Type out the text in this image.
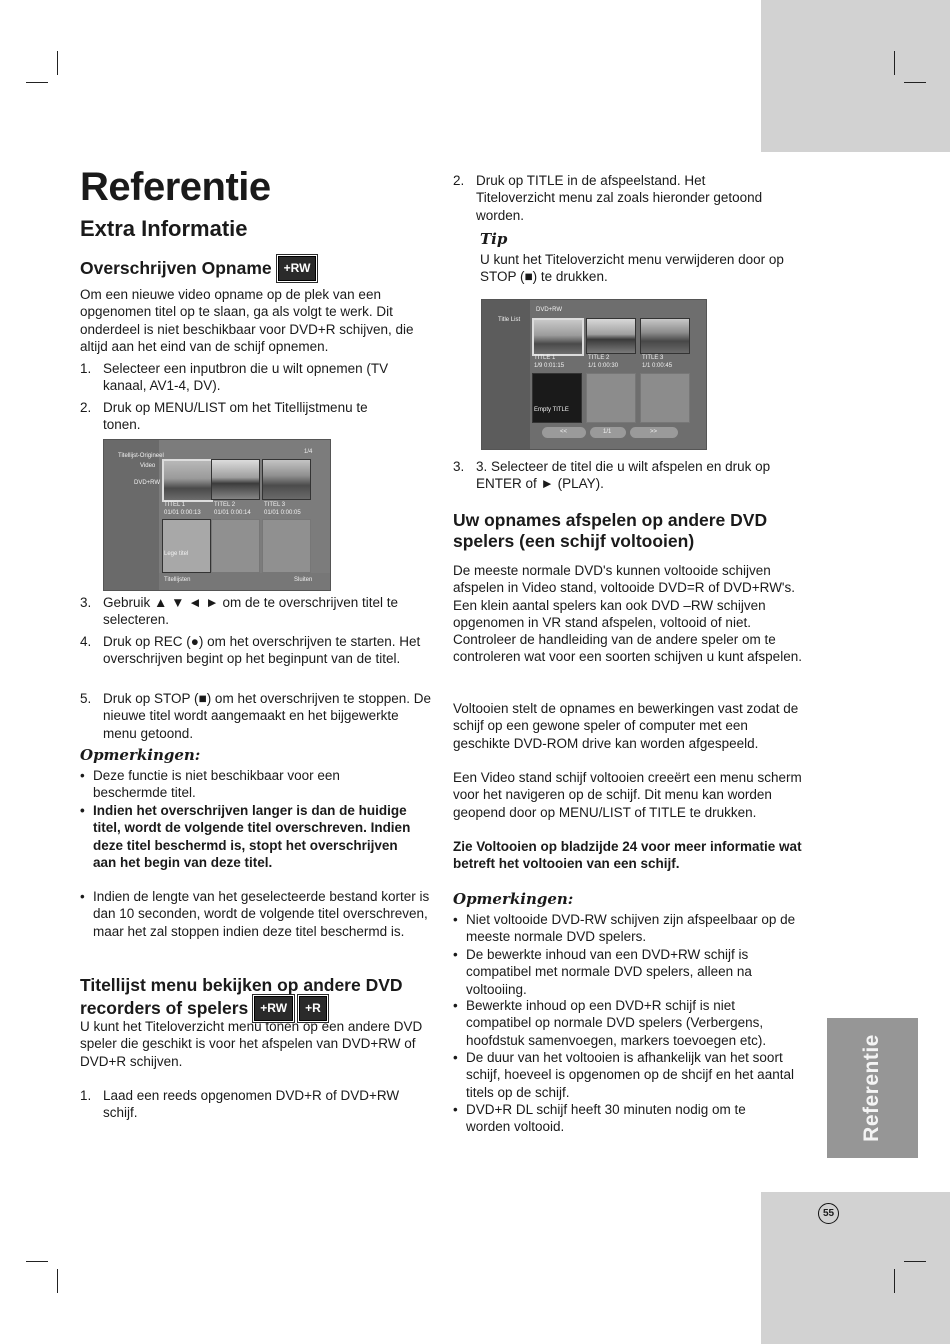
Referentie
55
Referentie
Extra Informatie
Overschrijven Opname +RW
Om een nieuwe video opname op de plek van een opgenomen titel op te slaan, ga als volgt te werk. Dit onderdeel is niet beschikbaar voor DVD+R schijven, die altijd aan het eind van de schijf opnemen.
1. Selecteer een inputbron die u wilt opnemen (TV kanaal, AV1-4, DV).
2. Druk op MENU/LIST om het Titellijstmenu te tonen.
Titellijst-Origineel
Video
DVD+RW
1/4
TITEL 1
01/01 0:00:13
TITEL 2
01/01 0:00:14
TITEL 3
01/01 0:00:05
Lege titel
Titellijsten	Sluiten
3. Gebruik ▲ ▼ ◄ ► om de te overschrijven titel te selecteren.
4. Druk op REC (●) om het overschrijven te starten. Het overschrijven begint op het beginpunt van de titel.
5. Druk op STOP (■) om het overschrijven te stoppen. De nieuwe titel wordt aangemaakt en het bijgewerkte menu getoond.
Opmerkingen:
• Deze functie is niet beschikbaar voor een beschermde titel.
• Indien het overschrijven langer is dan de huidige titel, wordt de volgende titel overschreven. Indien deze titel beschermd is, stopt het overschrijven aan het begin van deze titel.
• Indien de lengte van het geselecteerde bestand korter is dan 10 seconden, wordt de volgende titel overschreven, maar het zal stoppen indien deze titel beschermd is.
Titellijst menu bekijken op andere DVD recorders of spelers +RW +R
U kunt het Titeloverzicht menu tonen op een andere DVD speler die geschikt is voor het afspelen van DVD+RW of DVD+R schijven.
1. Laad een reeds opgenomen DVD+R of DVD+RW schijf.
2. Druk op TITLE in de afspeelstand. Het Titeloverzicht menu zal zoals hieronder getoond worden.
Tip
U kunt het Titeloverzicht menu verwijderen door op STOP (■) te drukken.
Title List
DVD+RW
TITLE 1
1/9 0:01:15
TITLE 2
1/1 0:00:30
TITLE 3
1/1 0:00:45
Empty TITLE
<<	1/1	>>
3. 3. Selecteer de titel die u wilt afspelen en druk op ENTER of ► (PLAY).
Uw opnames afspelen op andere DVD spelers (een schijf voltooien)
De meeste normale DVD's kunnen voltooide schijven afspelen in Video stand, voltooide DVD=R of DVD+RW's. Een klein aantal spelers kan ook DVD –RW schijven opgenomen in VR stand afspelen, voltooid of niet. Controleer de handleiding van de andere speler om te controleren wat voor een soorten schijven u kunt afspelen.
Voltooien stelt de opnames en bewerkingen vast zodat de schijf op een gewone speler of computer met een geschikte DVD-ROM drive kan worden afgespeeld.
Een Video stand schijf voltooien creeërt een menu scherm voor het navigeren op de schijf. Dit menu kan worden geopend door op MENU/LIST of TITLE te drukken.
Zie Voltooien op bladzijde 24 voor meer informatie wat betreft het voltooien van een schijf.
Opmerkingen:
• Niet voltooide DVD-RW schijven zijn afspeelbaar op de meeste normale DVD spelers.
• De bewerkte inhoud van een DVD+RW schijf is compatibel met normale DVD spelers, alleen na voltooiing.
• Bewerkte inhoud op een DVD+R schijf is niet compatibel op normale DVD spelers (Verbergens, hoofdstuk samenvoegen, markers toevoegen etc).
• De duur van het voltooien is afhankelijk van het soort schijf, hoeveel is opgenomen op de shcijf en het aantal titels op de schijf.
• DVD+R DL schijf heeft 30 minuten nodig om te worden voltooid.
